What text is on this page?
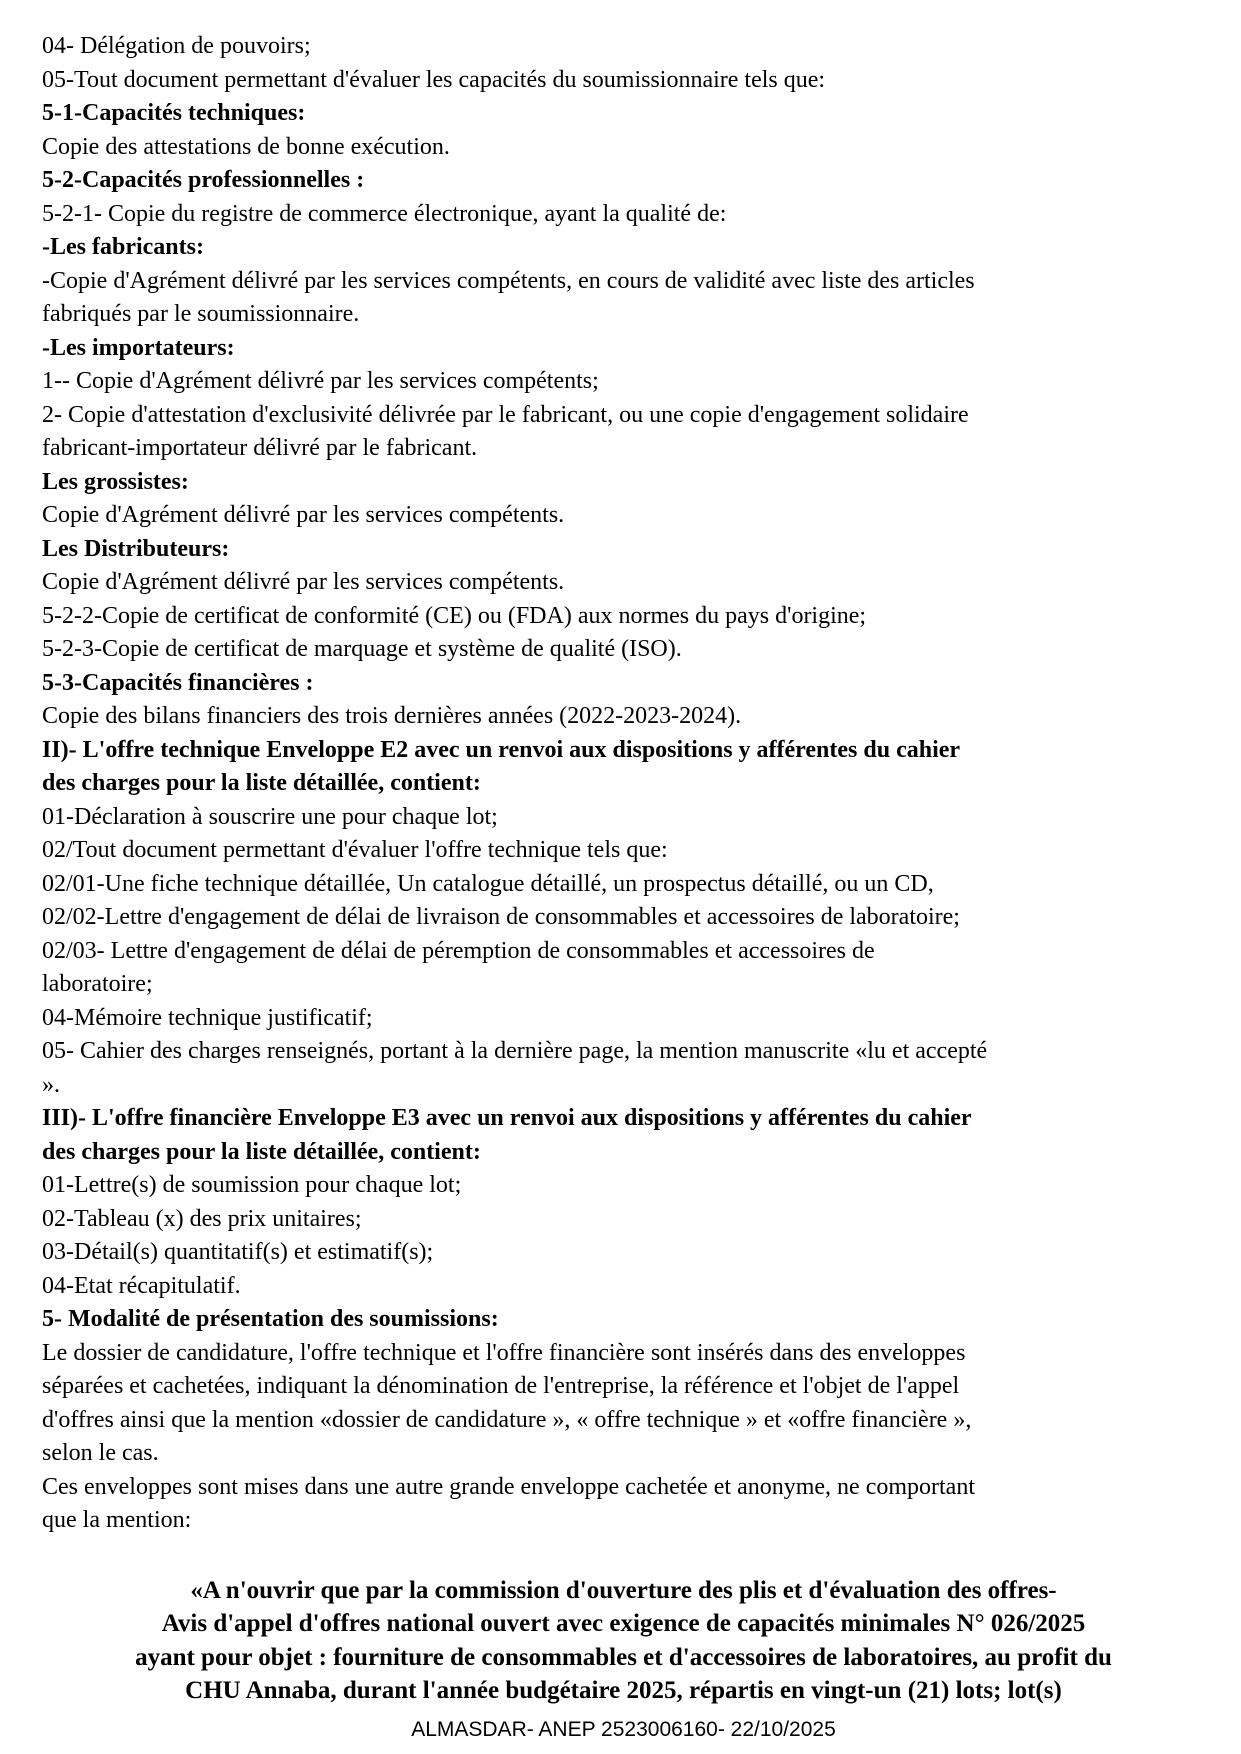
04- Délégation de pouvoirs;
05-Tout document permettant d'évaluer les capacités du soumissionnaire tels que:
5-1-Capacités techniques:
Copie des attestations de bonne exécution.
5-2-Capacités professionnelles :
5-2-1- Copie du registre de commerce électronique, ayant la qualité de:
-Les fabricants:
-Copie d'Agrément délivré par les services compétents, en cours de validité avec liste des articles
fabriqués par le soumissionnaire.
-Les importateurs:
1-- Copie d'Agrément délivré par les services compétents;
2- Copie d'attestation d'exclusivité délivrée par le fabricant, ou une copie d'engagement solidaire
fabricant-importateur délivré par le fabricant.
Les grossistes:
Copie d'Agrément délivré par les services compétents.
Les Distributeurs:
Copie d'Agrément délivré par les services compétents.
5-2-2-Copie de certificat de conformité (CE) ou (FDA) aux normes du pays d'origine;
5-2-3-Copie de certificat de marquage et système de qualité (ISO).
5-3-Capacités financières :
Copie des bilans financiers des trois dernières années (2022-2023-2024).
II)- L'offre technique Enveloppe E2 avec un renvoi aux dispositions y afférentes du cahier
des charges pour la liste détaillée, contient:
01-Déclaration à souscrire une pour chaque lot;
02/Tout document permettant d'évaluer l'offre technique tels que:
02/01-Une fiche technique détaillée, Un catalogue détaillé, un prospectus détaillé, ou un CD,
02/02-Lettre d'engagement de délai de livraison de consommables et accessoires de laboratoire;
02/03- Lettre d'engagement de délai de péremption de consommables et accessoires de
laboratoire;
04-Mémoire technique justificatif;
05- Cahier des charges renseignés, portant à la dernière page, la mention manuscrite «lu et accepté
».
III)- L'offre financière Enveloppe E3 avec un renvoi aux dispositions y afférentes du cahier
des charges pour la liste détaillée, contient:
01-Lettre(s) de soumission pour chaque lot;
02-Tableau (x) des prix unitaires;
03-Détail(s) quantitatif(s) et estimatif(s);
04-Etat récapitulatif.
5- Modalité de présentation des soumissions:
Le dossier de candidature, l'offre technique et l'offre financière sont insérés dans des enveloppes
séparées et cachetées, indiquant la dénomination de l'entreprise, la référence et l'objet de l'appel
d'offres ainsi que la mention «dossier de candidature », « offre technique » et «offre financière »,
selon le cas.
Ces enveloppes sont mises dans une autre grande enveloppe cachetée et anonyme, ne comportant
que la mention:
«A n'ouvrir que par la commission d'ouverture des plis et d'évaluation des offres-
Avis d'appel d'offres national ouvert avec exigence de capacités minimales N° 026/2025
ayant pour objet : fourniture de consommables et d'accessoires de laboratoires, au profit du
CHU Annaba, durant l'année budgétaire 2025, répartis en vingt-un (21) lots; lot(s)
ALMASDAR- ANEP 2523006160- 22/10/2025
